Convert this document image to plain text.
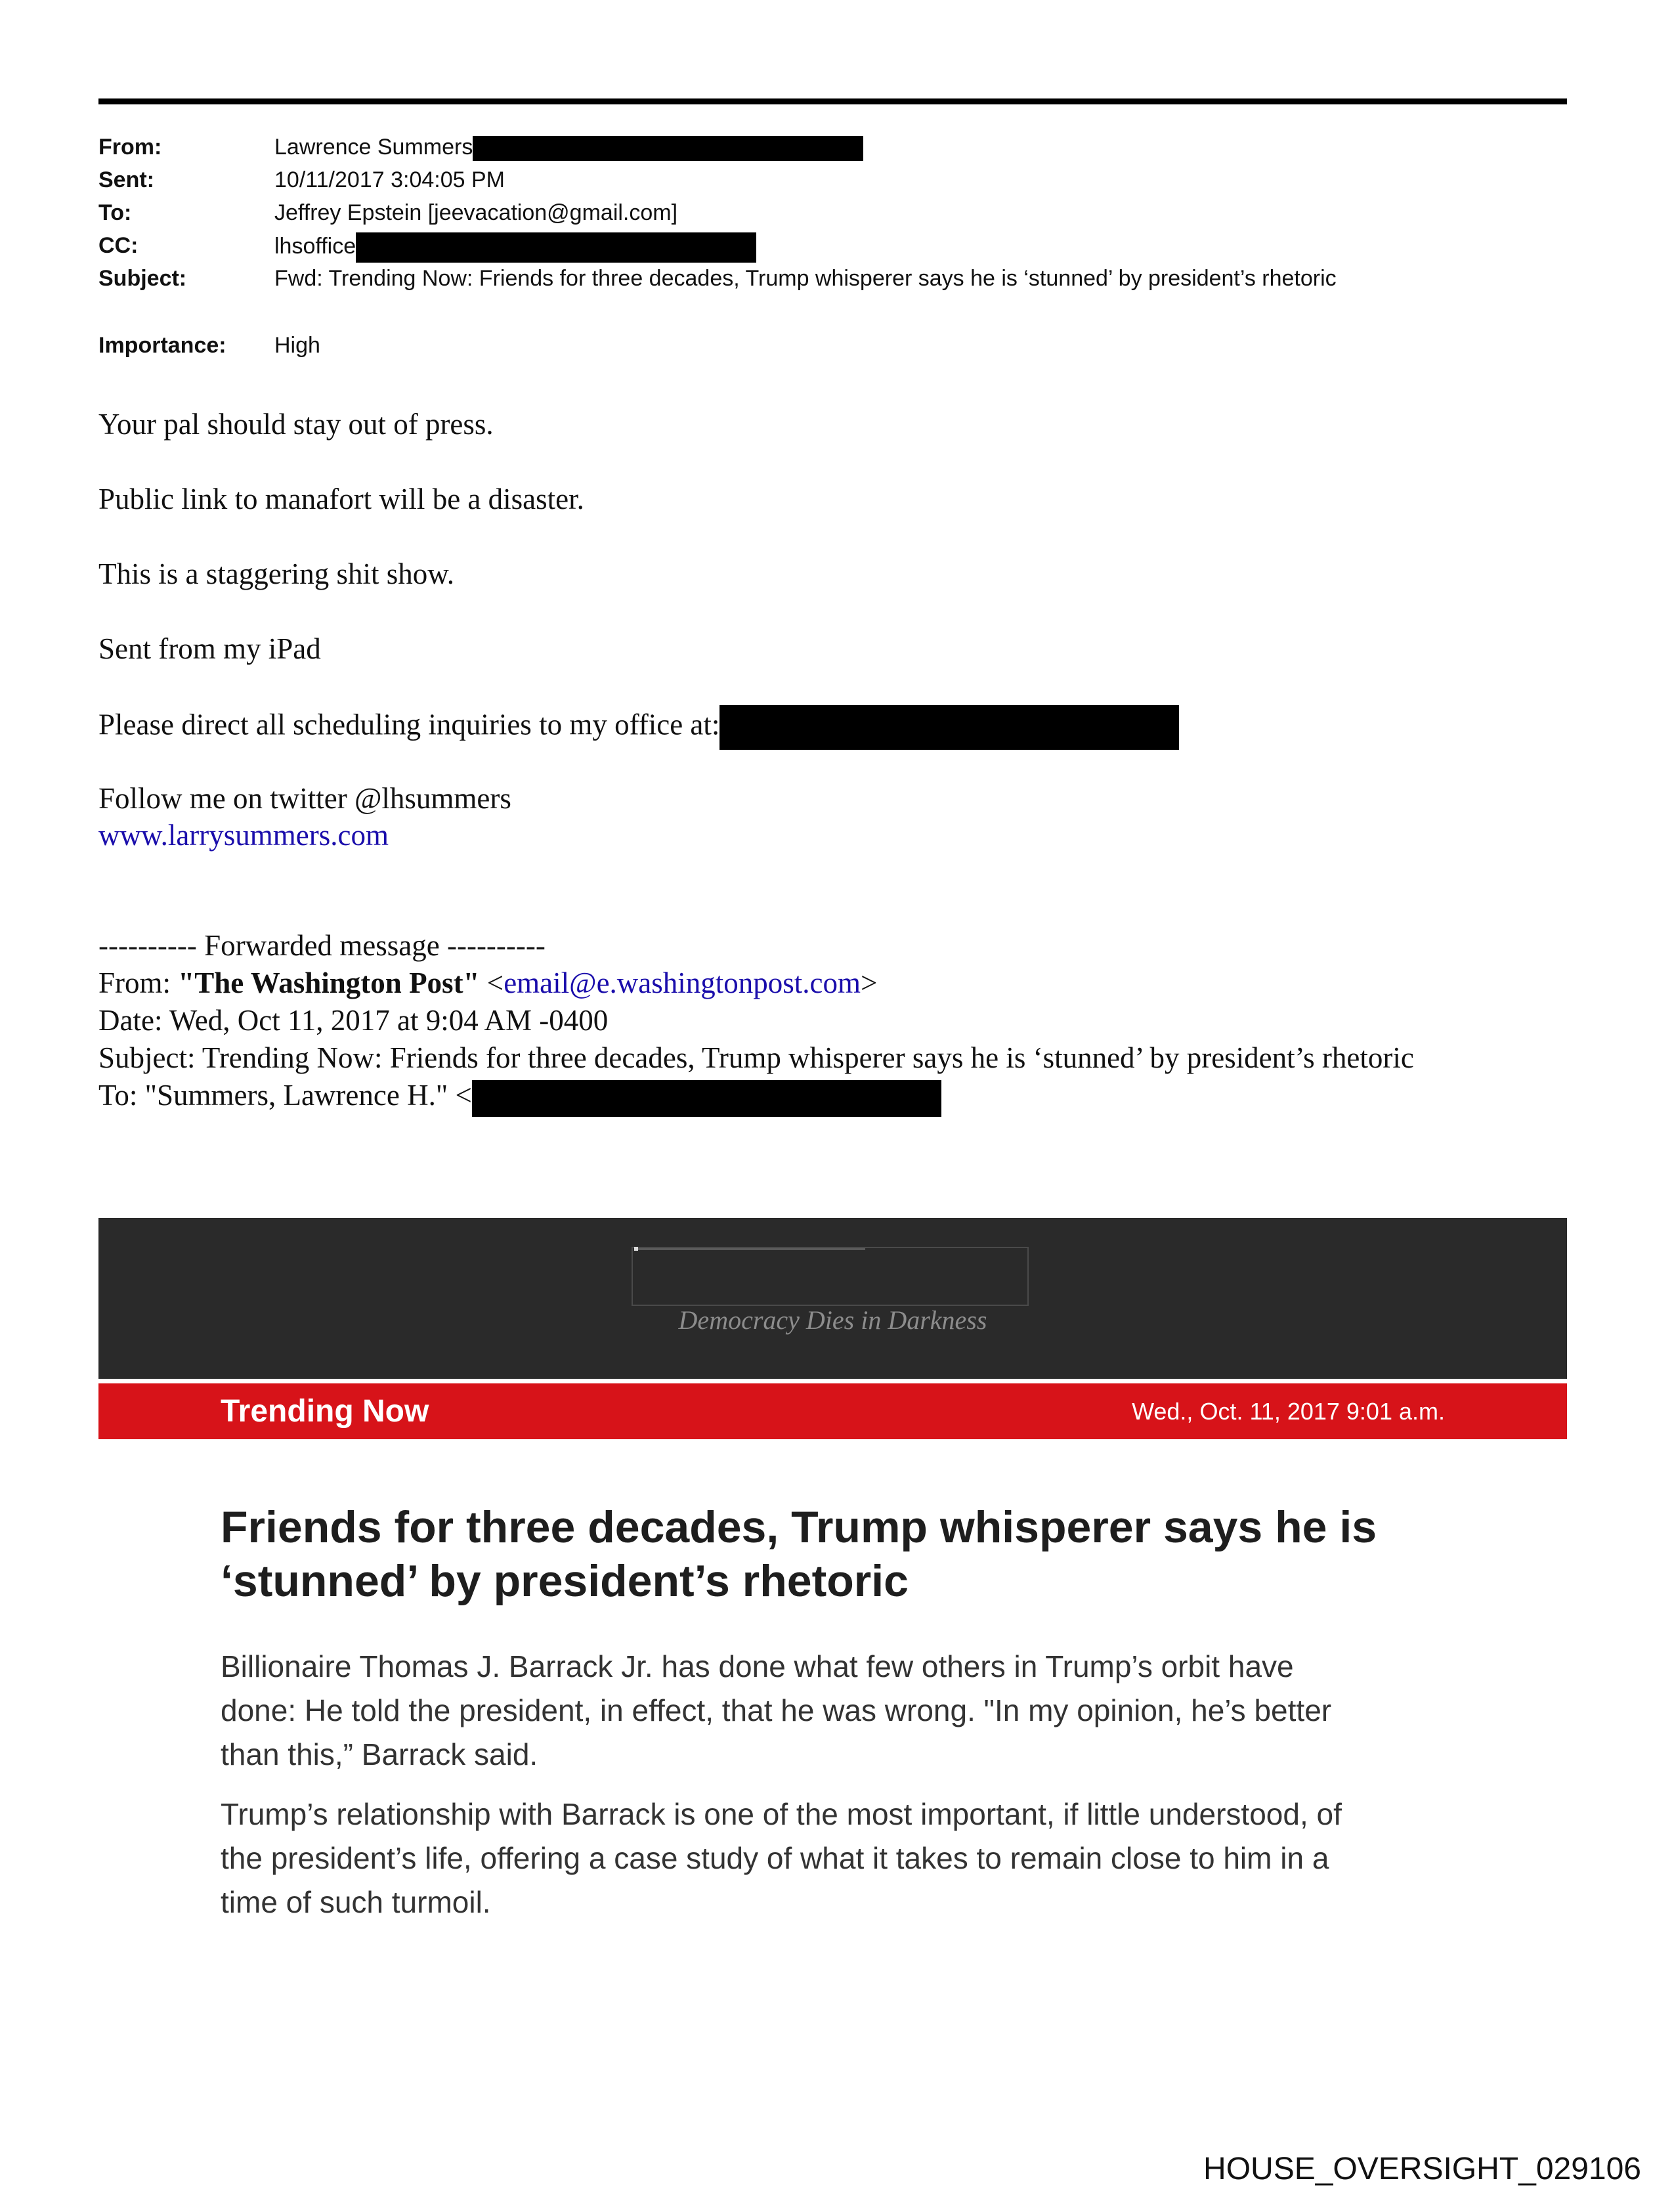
From:	Lawrence Summers
Sent:	10/11/2017 3:04:05 PM
To:	Jeffrey Epstein [jeevacation@gmail.com]
CC:	lhsoffice
Subject:	Fwd: Trending Now: Friends for three decades, Trump whisperer says he is ‘stunned’ by president’s rhetoric
Importance: High
Your pal should stay out of press.
Public link to manafort will be a disaster.
This is a staggering shit show.
Sent from my iPad
Please direct all scheduling inquiries to my office at:
Follow me on twitter @lhsummers
www.larrysummers.com
---------- Forwarded message ----------
From: "The Washington Post" <email@e.washingtonpost.com>
Date: Wed, Oct 11, 2017 at 9:04 AM -0400
Subject: Trending Now: Friends for three decades, Trump whisperer says he is ‘stunned’ by president’s rhetoric
To: "Summers, Lawrence H." <
Democracy Dies in Darkness
Trending Now	Wed., Oct. 11, 2017 9:01 a.m.
Friends for three decades, Trump whisperer says he is
‘stunned’ by president’s rhetoric
Billionaire Thomas J. Barrack Jr. has done what few others in Trump’s orbit have
done: He told the president, in effect, that he was wrong. "In my opinion, he’s better
than this,” Barrack said.
Trump’s relationship with Barrack is one of the most important, if little understood, of
the president’s life, offering a case study of what it takes to remain close to him in a
time of such turmoil.
HOUSE_OVERSIGHT_029106
